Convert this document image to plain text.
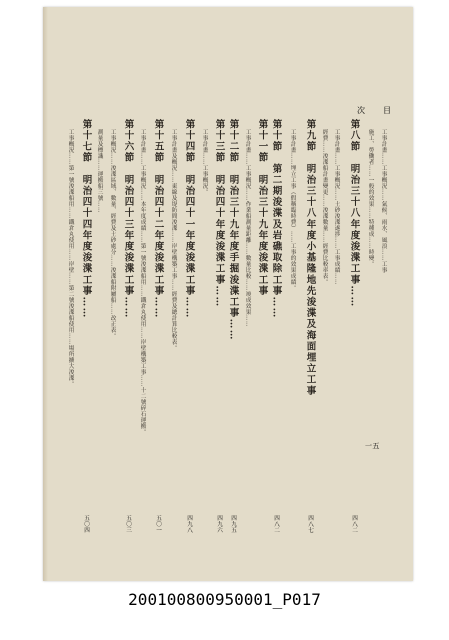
目
次
一五
工事計畫……工事概況……氣候、雨水、風浪……工事
施工、勞働者……一般的效果……特種成……時變。
第八節　明治三十八年度浚渫工事……
四八二
工事計畫……工事概況……土砂浚渫遂捗……工事成績……
經費……浚渫船計畫變更……浚渫數量……經費比較率表。
第九節　明治三十八年度小基隆地先浚渫及海面埋立工事
四八七
工事計畫……埋立工事（假稱臨時費）……工事的效果成績。
第十節　第二期浚渫及岩礁取除工事……
四八二
第十一節　明治三十九年度浚渫工事
工事計畫……工事概況……作業船測量距離……數量比較……竣成效果……
第十二節　明治三十九年度手掘浚渫工事……
四九五
第十三節　明治四十年度浚渫工事……
四九六
工事計畫……工事概況。
第十四節　明治四十一年度浚渫工事……
四九八
工事計畫及概況……東線及堤防間浚渫……岸壁構築工事……經費及總計算比較表。
第十五節　明治四十二年度浚渫工事……
五〇一
工事計畫……工事概況……本年度成績……第一號浚渫船用……鐵倉丸使用……岸壁構築工事……十二號碎石運搬。
第十六節　明治四十三年度浚渫工事……
五〇三
工事概況……浚渫區域、數量、經費及土砂處分……浚渫船附屬船……改正表。
測量及標識……運搬船三號……
第十七節　明治四十四年度浚渫工事……
五〇四
工事概況……第一號浚渫船用……鐵倉丸使用……岸壁……第二號浚渫船使用……場所擴大浚渫。
200100800950001_P017
